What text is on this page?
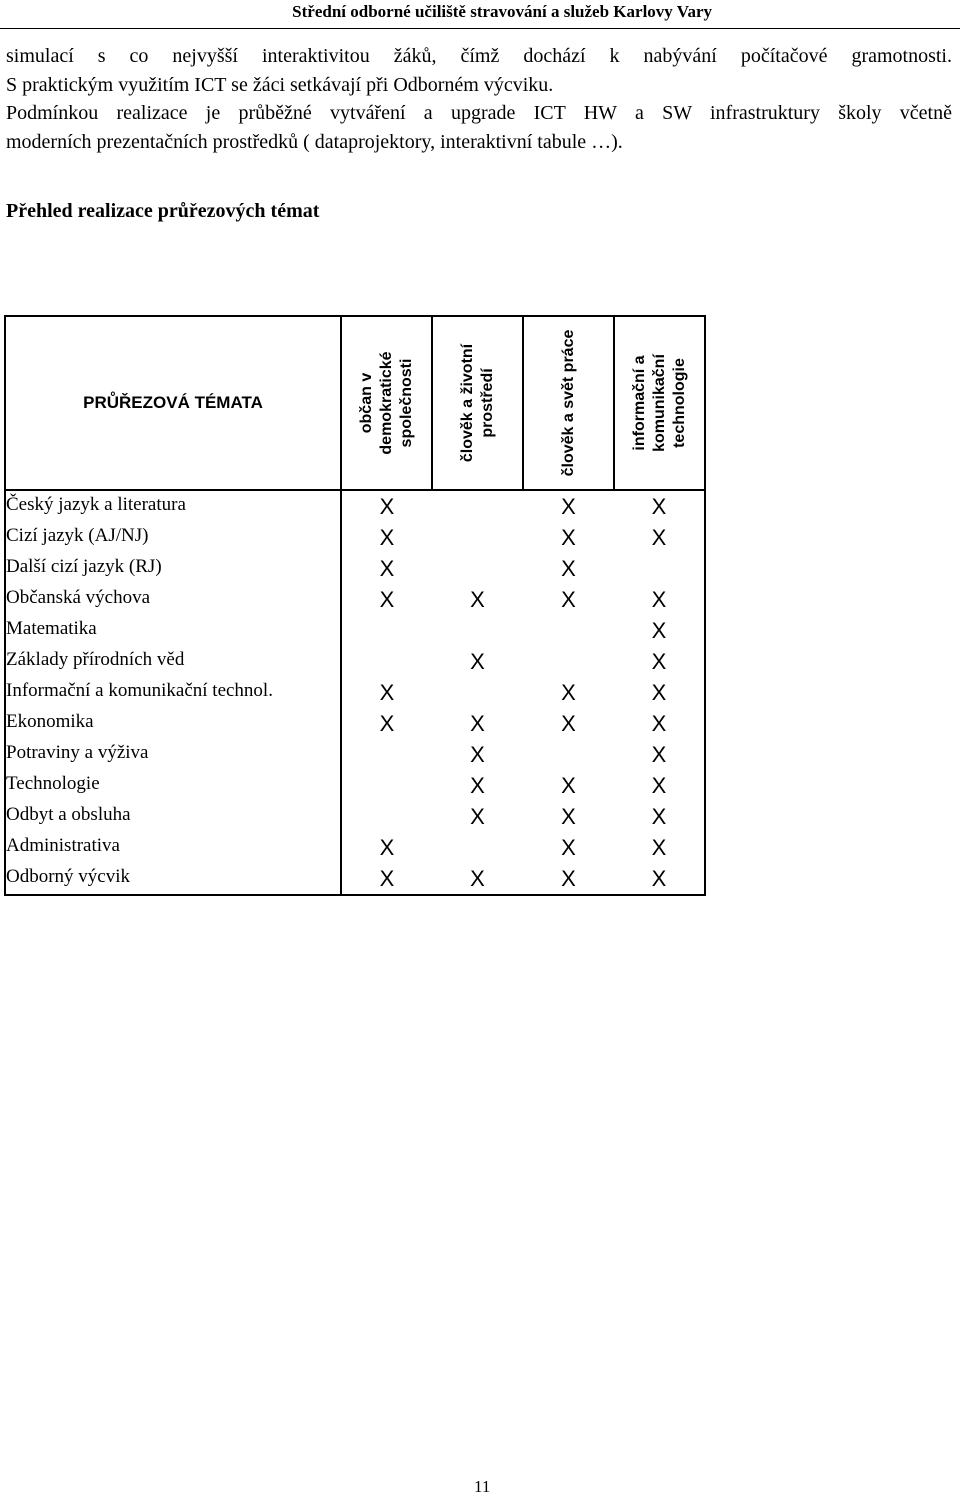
Střední odborné učiliště stravování a služeb Karlovy Vary

simulací s co nejvyšší interaktivitou žáků, čímž dochází k nabývání počítačové gramotnosti.
S praktickým využitím ICT se žáci setkávají při Odborném výcviku.
Podmínkou realizace je průběžné vytváření a upgrade ICT HW a SW infrastruktury školy včetně
moderních prezentačních prostředků ( dataprojektory, interaktivní tabule …).

Přehled realizace průřezových témat
PRŮŘEZOVÁ TÉMATA	občan v demokratické společnosti	člověk a životní prostředí	člověk a svět práce	informační a komunikační technologie

Český jazyk a literatura	X		X	X
Cizí jazyk (AJ/NJ)	X		X	X
Další cizí jazyk (RJ)	X		X	
Občanská výchova	X	X	X	X
Matematika				X
Základy přírodních věd		X		X
Informační a komunikační technol.	X		X	X
Ekonomika	X	X	X	X
Potraviny a výživa		X		X
Technologie		X	X	X
Odbyt a obsluha		X	X	X
Administrativa	X		X	X
Odborný výcvik	X	X	X	X
11
